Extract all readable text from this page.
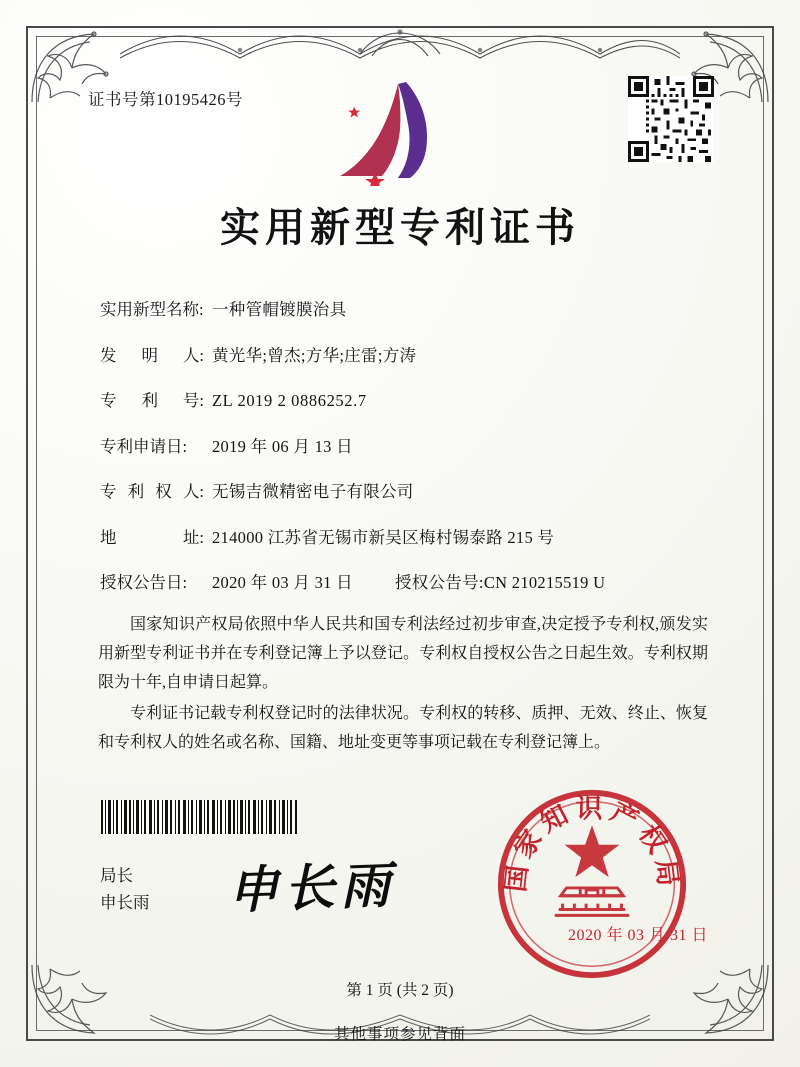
证书号第10195426号
实用新型专利证书
实用新型名称: 一种管帽镀膜治具
发 明 人: 黄光华;曾杰;方华;庄雷;方涛
专 利 号: ZL 2019 2 0886252.7
专利申请日:	2019 年 06 月 13 日
专 利 权 人: 无锡吉微精密电子有限公司
地	址: 214000 江苏省无锡市新吴区梅村锡泰路 215 号
授权公告日:	2020 年 03 月 31 日	授权公告号: CN 210215519 U

国家知识产权局依照中华人民共和国专利法经过初步审查,决定授予专利权,颁发实用新型专利证书并在专利登记簿上予以登记。专利权自授权公告之日起生效。专利权期限为十年,自申请日起算。

专利证书记载专利权登记时的法律状况。专利权的转移、质押、无效、终止、恢复和专利权人的姓名或名称、国籍、地址变更等事项记载在专利登记簿上。

局长
申长雨 申长雨	国家知识产权局
2020 年 03 月 31 日
第 1 页 (共 2 页)
其他事项参见背面
